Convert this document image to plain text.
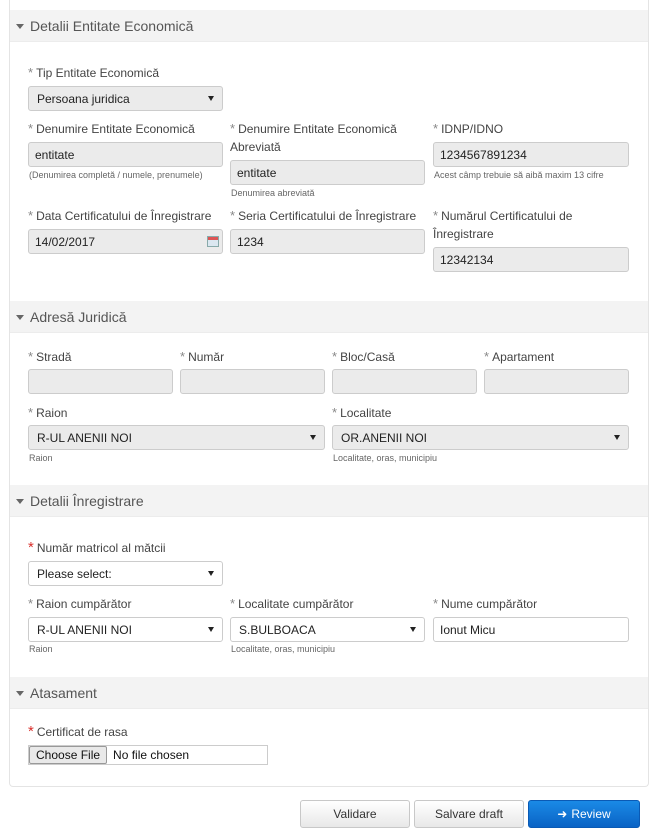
Detalii Entitate Economică
* Tip Entitate Economică
Persoana juridica
* Denumire Entitate Economică
entitate
(Denumirea completă / numele, prenumele)
* Denumire Entitate Economică Abreviată
entitate
Denumirea abreviată
* IDNP/IDNO
1234567891234
Acest câmp trebuie să aibă maxim 13 cifre
* Data Certificatului de Înregistrare
14/02/2017
* Seria Certificatului de Înregistrare
1234
* Numărul Certificatului de Înregistrare
12342134
Adresă Juridică
* Stradă	* Număr	* Bloc/Casă	* Apartament
* Raion
R-UL ANENII NOI
Raion
* Localitate
OR.ANENII NOI
Localitate, oras, municipiu
Detalii Înregistrare
* Număr matricol al mătcii
Please select:
* Raion cumpărător
R-UL ANENII NOI
Raion
* Localitate cumpărător
S.BULBOACA
Localitate, oras, municipiu
* Nume cumpărător
Ionut Micu
Atasament
* Certificat de rasa
Choose File	No file chosen
Validare	Salvare draft	➜ Review
